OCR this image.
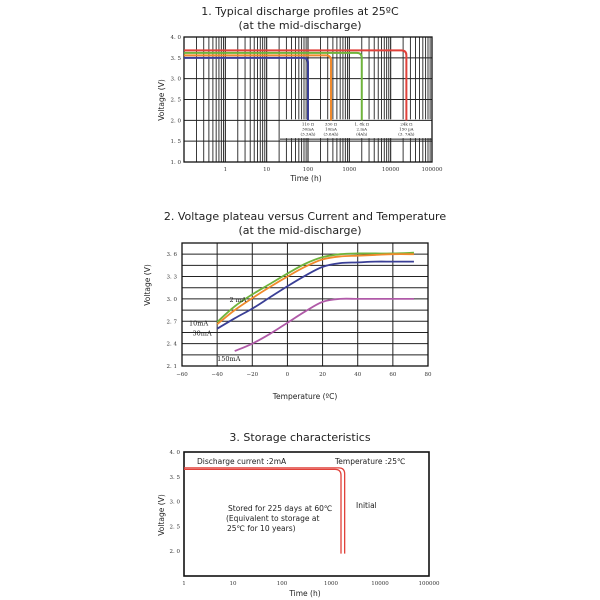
1. Typical discharge profiles at 25ºC
(at the mid-discharge)
1. 0
1. 5
2. 0
2. 5
3. 0
3. 5
4. 0
1	10	100	1000	10000	100000
110 Ω
30mA
(3.3Ah)
330 Ω
10mA
(3.6Ah)
1. 8k Ω
2.mA
(4Ah)
24k Ω
150 µA
(3. 7Ah)
Time (h)
Voltage (V)
2. Voltage plateau versus Current and Temperature
(at the mid-discharge)
−60	−40	−20	0	20	40	60	80
2. 1
2. 4
2. 7
3. 0
3. 3
3. 6
2 mA
10mA
30mA
150mA
Temperature (ºC)
Voltage (V)
3. Storage characteristics
2. 0
2. 5
3. 0
3. 5
4. 0
1	10	100	1000	10000	100000
Time (h)
Voltage (V)
Discharge current :2mA	Temperature :25℃
Stored for 225 days at 60℃
(Equivalent to storage at
25℃ for 10 years)
Initial
